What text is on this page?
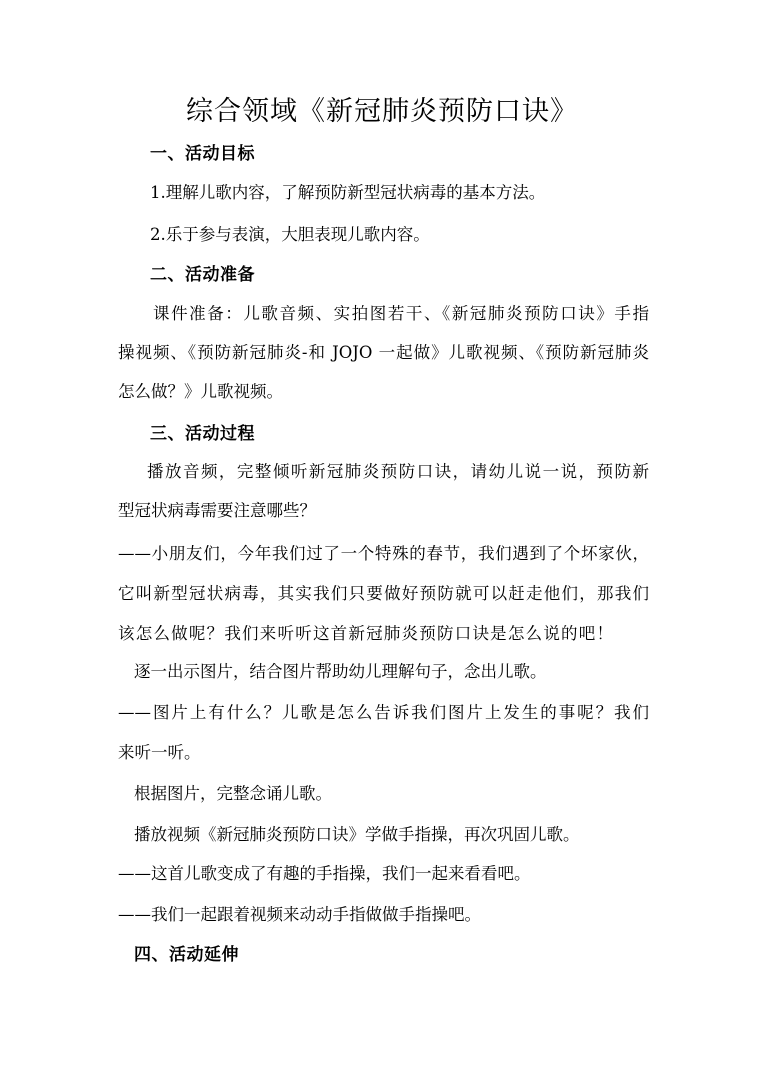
综合领域《新冠肺炎预防口诀》
一、活动目标
1.理解儿歌内容，了解预防新型冠状病毒的基本方法。
2.乐于参与表演，大胆表现儿歌内容。
二、活动准备
课件准备：儿歌音频、实拍图若干、《新冠肺炎预防口诀》手指
操视频、《预防新冠肺炎-和 JOJO 一起做》儿歌视频、《预防新冠肺炎
怎么做？》儿歌视频。
三、活动过程
播放音频，完整倾听新冠肺炎预防口诀，请幼儿说一说，预防新
型冠状病毒需要注意哪些？
——小朋友们，今年我们过了一个特殊的春节，我们遇到了个坏家伙，
它叫新型冠状病毒，其实我们只要做好预防就可以赶走他们，那我们
该怎么做呢？我们来听听这首新冠肺炎预防口诀是怎么说的吧！
逐一出示图片，结合图片帮助幼儿理解句子，念出儿歌。
——图片上有什么？儿歌是怎么告诉我们图片上发生的事呢？我们
来听一听。
根据图片，完整念诵儿歌。
播放视频《新冠肺炎预防口诀》学做手指操，再次巩固儿歌。
——这首儿歌变成了有趣的手指操，我们一起来看看吧。
——我们一起跟着视频来动动手指做做手指操吧。
四、活动延伸
